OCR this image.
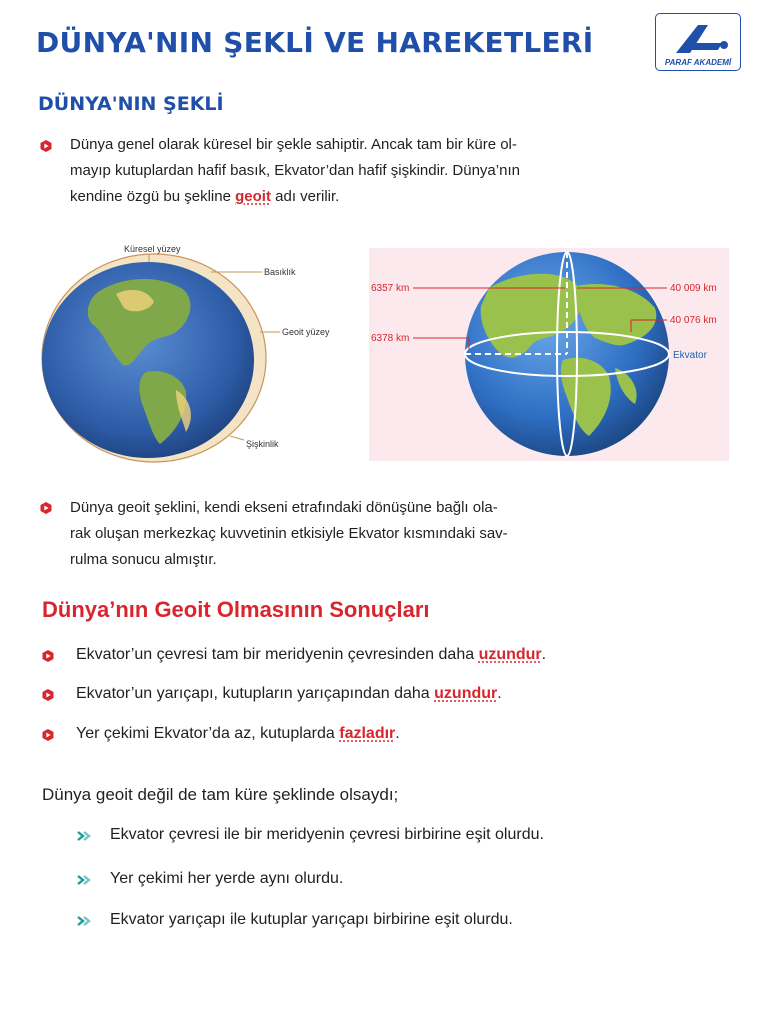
DÜNYA'NIN ŞEKLİ VE HAREKETLERİ
PARAF AKADEMİ
DÜNYA'NIN ŞEKLİ
Dünya genel olarak küresel bir şekle sahiptir. Ancak tam bir küre ol-
mayıp kutuplardan hafif basık, Ekvator’dan hafif şişkindir. Dünya’nın
kendine özgü bu şekline geoit adı verilir.
Küresel yüzey
Basıklık
Geoit yüzey
Şişkinlik
6357 km
6378 km
40 009 km
40 076 km
Ekvator
Dünya geoit şeklini, kendi ekseni etrafındaki dönüşüne bağlı ola-
rak oluşan merkezkaç kuvvetinin etkisiyle Ekvator kısmındaki sav-
rulma sonucu almıştır.
Dünya’nın Geoit Olmasının Sonuçları

Ekvator’un çevresi tam bir meridyenin çevresinden daha uzundur.

Ekvator’un yarıçapı, kutupların yarıçapından daha uzundur.

Yer çekimi Ekvator’da az, kutuplarda fazladır.

Dünya geoit değil de tam küre şeklinde olsaydı;

Ekvator çevresi ile bir meridyenin çevresi birbirine eşit olurdu.

Yer çekimi her yerde aynı olurdu.

Ekvator yarıçapı ile kutuplar yarıçapı birbirine eşit olurdu.
